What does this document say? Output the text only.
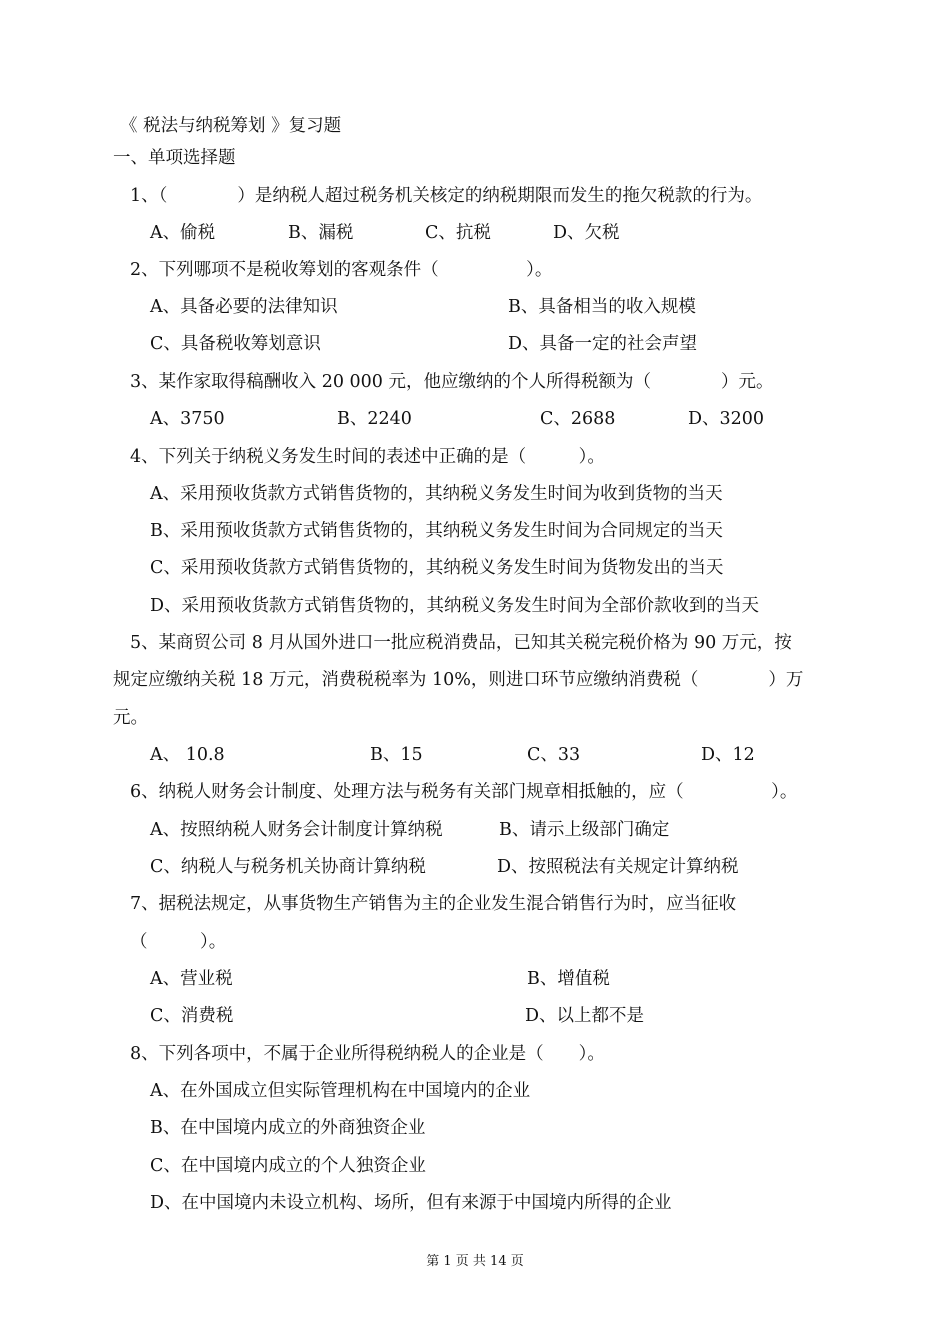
《 税法与纳税筹划 》复习题
一、单项选择题
1、（　　　　）是纳税人超过税务机关核定的纳税期限而发生的拖欠税款的行为。
A、偷税	B、漏税	C、抗税	D、欠税
2、下列哪项不是税收筹划的客观条件（　　　　　）。
A、具备必要的法律知识	B、具备相当的收入规模
C、具备税收筹划意识	D、具备一定的社会声望
3、某作家取得稿酬收入 20 000 元，他应缴纳的个人所得税额为（　　　　）元。
A、3750	B、2240	C、2688	D、3200
4、下列关于纳税义务发生时间的表述中正确的是（　　　）。
A、采用预收货款方式销售货物的，其纳税义务发生时间为收到货物的当天
B、采用预收货款方式销售货物的，其纳税义务发生时间为合同规定的当天
C、采用预收货款方式销售货物的，其纳税义务发生时间为货物发出的当天
D、采用预收货款方式销售货物的，其纳税义务发生时间为全部价款收到的当天
5、某商贸公司 8 月从国外进口一批应税消费品，已知其关税完税价格为 90 万元，按
规定应缴纳关税 18 万元，消费税税率为 10%，则进口环节应缴纳消费税（　　　　）万
元。
A、 10.8	B、15	C、33	D、12
6、纳税人财务会计制度、处理方法与税务有关部门规章相抵触的，应（　　　　　）。
A、按照纳税人财务会计制度计算纳税	B、请示上级部门确定
C、纳税人与税务机关协商计算纳税	D、按照税法有关规定计算纳税
7、据税法规定，从事货物生产销售为主的企业发生混合销售行为时，应当征收
（　　　）。
A、营业税	B、增值税
C、消费税	D、以上都不是
8、下列各项中，不属于企业所得税纳税人的企业是（　　）。
A、在外国成立但实际管理机构在中国境内的企业
B、在中国境内成立的外商独资企业
C、在中国境内成立的个人独资企业
D、在中国境内未设立机构、场所，但有来源于中国境内所得的企业
第 1 页 共 14 页
